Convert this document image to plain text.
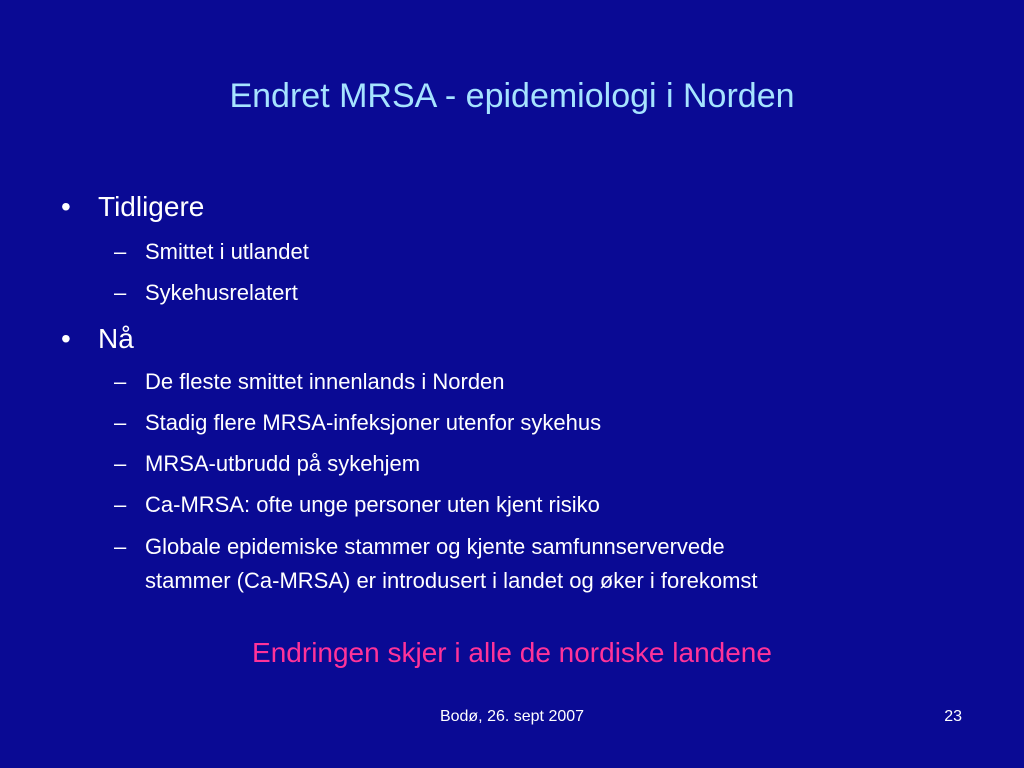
Endret MRSA - epidemiologi i Norden
• Tidligere
– Smittet i utlandet
– Sykehusrelatert
• Nå
– De fleste smittet innenlands i Norden
– Stadig flere MRSA-infeksjoner utenfor sykehus
– MRSA-utbrudd på sykehjem
– Ca-MRSA: ofte unge personer uten kjent risiko
– Globale epidemiske stammer og kjente samfunnservervede
stammer (Ca-MRSA) er introdusert i landet og øker i forekomst
Endringen skjer i alle de nordiske landene
Bodø, 26. sept 2007	23
